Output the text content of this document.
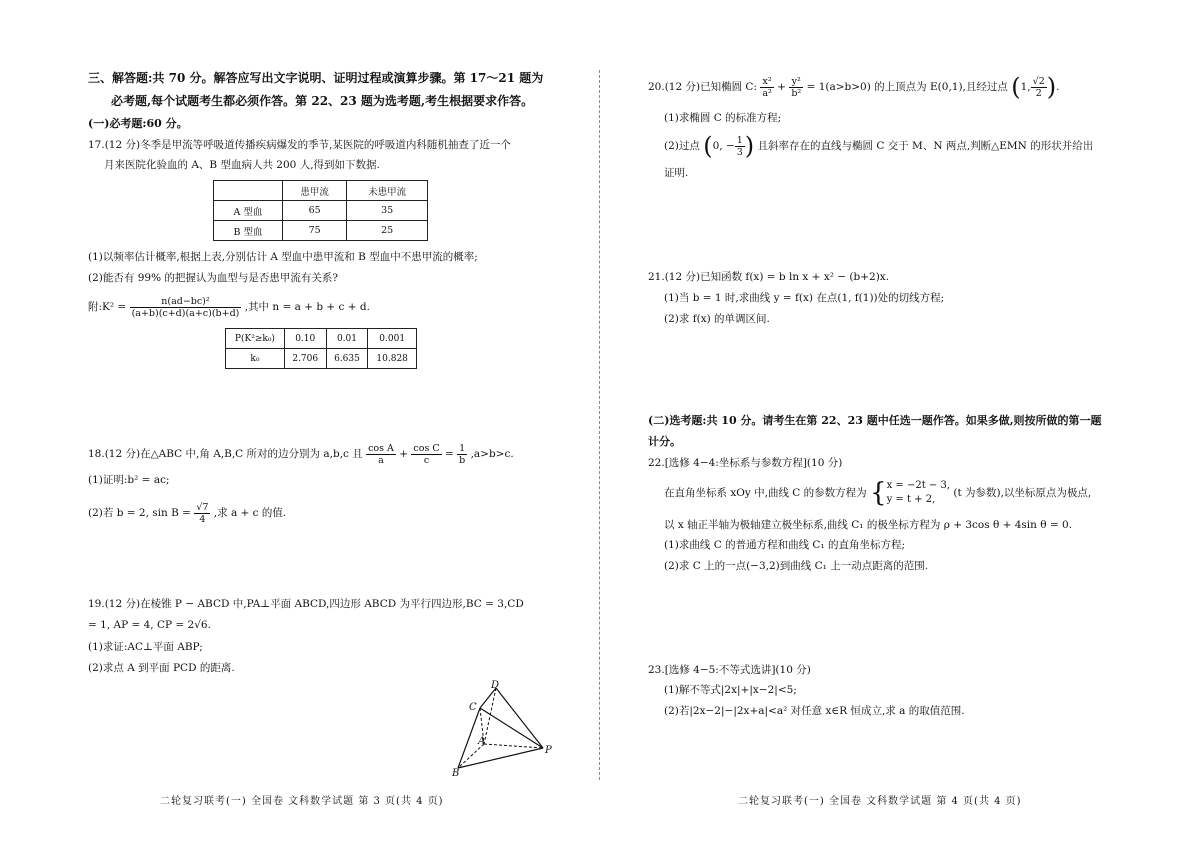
三、解答题:共 70 分。解答应写出文字说明、证明过程或演算步骤。第 17～21 题为
必考题,每个试题考生都必须作答。第 22、23 题为选考题,考生根据要求作答。
(一)必考题:60 分。
17.(12 分)冬季是甲流等呼吸道传播疾病爆发的季节,某医院的呼吸道内科随机抽查了近一个
月来医院化验血的 A、B 型血病人共 200 人,得到如下数据.
	患甲流	未患甲流
A 型血	65	35
B 型血	75	25
(1)以频率估计概率,根据上表,分别估计 A 型血中患甲流和 B 型血中不患甲流的概率;
(2)能否有 99% 的把握认为血型与是否患甲流有关系?
附:K² = $\frac{\text{n(ad−bc)²}}{(a+b)(c+d)(a+c)(b+d)}$ ,其中 n = a + b + c + d.
P(K²≥k₀)	0.10	0.01	0.001
k₀	2.706	6.635	10.828
18.(12 分)在△ABC 中,角 A,B,C 所对的边分别为 a,b,c 且 $\frac{\text{cos A}}{a} + \frac{\text{cos C}}{c} = \frac{1}{b} ,a>b>c$.
(1)证明:b² = ac;
(2)若 b = 2, $\sin B = \frac{√7}{4}$ ,求 a + c 的值.
19.(12 分)在棱锥 P − ABCD 中,PA⊥平面 ABCD,四边形 ABCD 为平行四边形,BC = 3,CD
= 1, AP = 4, CP = 2√6.
(1)求证:AC⊥平面 ABP;
(2)求点 A 到平面 PCD 的距离.
D
C
A
P
B
二轮复习联考(一) 全国卷 文科数学试题 第 3 页(共 4 页)
20.(12 分)已知椭圆 C: $\frac{\text{x²}}{\text{a²}} + \frac{\text{y²}}{\text{b²}} = 1(a>b>0)$ 的上顶点为 E(0,1),且经过点 (1, $\frac{√2}{2}$ ).
(1)求椭圆 C 的标准方程;
(2)过点 (0, − $\frac{1}{3}$ ) 且斜率存在的直线与椭圆 C 交于 M、N 两点,判断△EMN 的形状并给出
证明.
21.(12 分)已知函数 f(x) = b ln x + x² − (b+2)x.
(1)当 b = 1 时,求曲线 y = f(x) 在点(1, f(1))处的切线方程;
(2)求 f(x) 的单调区间.
(二)选考题:共 10 分。请考生在第 22、23 题中任选一题作答。如果多做,则按所做的第一题
计分。
22.[选修 4−4:坐标系与参数方程](10 分)
在直角坐标系 xOy 中,曲线 C 的参数方程为 { x = −2t − 3,
y = t + 2,
(t 为参数),以坐标原点为极点,
以 x 轴正半轴为极轴建立极坐标系,曲线 C₁ 的极坐标方程为 ρ + 3cos θ + 4sin θ = 0.
(1)求曲线 C 的普通方程和曲线 C₁ 的直角坐标方程;
(2)求 C 上的一点(−3,2)到曲线 C₁ 上一动点距离的范围.
23.[选修 4−5:不等式选讲](10 分)
(1)解不等式|2x|+|x−2|<5;
(2)若|2x−2|−|2x+a|<a² 对任意 x∈R 恒成立,求 a 的取值范围.
二轮复习联考(一) 全国卷 文科数学试题 第 4 页(共 4 页)
